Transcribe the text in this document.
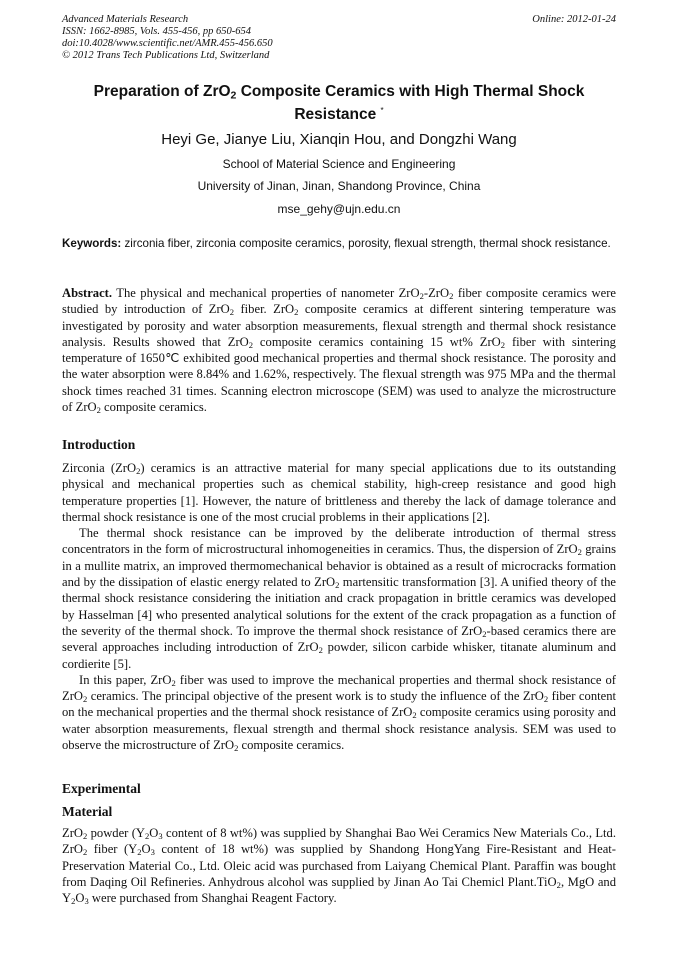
Advanced Materials Research
ISSN: 1662-8985, Vols. 455-456, pp 650-654
doi:10.4028/www.scientific.net/AMR.455-456.650
© 2012 Trans Tech Publications Ltd, Switzerland
Online: 2012-01-24
Preparation of ZrO$_2$ Composite Ceramics with High Thermal Shock Resistance *
Heyi Ge, Jianye Liu, Xianqin Hou, and Dongzhi Wang
School of Material Science and Engineering
University of Jinan, Jinan, Shandong Province, China
mse_gehy@ujn.edu.cn
Keywords: zirconia fiber, zirconia composite ceramics, porosity, flexual strength, thermal shock resistance.

Abstract. The physical and mechanical properties of nanometer ZrO$_2$-ZrO$_2$ fiber composite ceramics were studied by introduction of ZrO$_2$ fiber. ZrO$_2$ composite ceramics at different sintering temperature was investigated by porosity and water absorption measurements, flexual strength and thermal shock resistance analysis. Results showed that ZrO$_2$ composite ceramics containing 15 wt% ZrO$_2$ fiber with sintering temperature of 1650℃ exhibited good mechanical properties and thermal shock resistance. The porosity and the water absorption were 8.84% and 1.62%, respectively. The flexual strength was 975 MPa and the thermal shock times reached 31 times. Scanning electron microscope (SEM) was used to analyze the microstructure of ZrO$_2$ composite ceramics.

Introduction

Zirconia (ZrO$_2$) ceramics is an attractive material for many special applications due to its outstanding physical and mechanical properties such as chemical stability, high-creep resistance and good high temperature properties [1]. However, the nature of brittleness and thereby the lack of damage tolerance and thermal shock resistance is one of the most crucial problems in their applications [2].

The thermal shock resistance can be improved by the deliberate introduction of thermal stress concentrators in the form of microstructural inhomogeneities in ceramics. Thus, the dispersion of ZrO$_2$ grains in a mullite matrix, an improved thermomechanical behavior is obtained as a result of microcracks formation and by the dissipation of elastic energy related to ZrO$_2$ martensitic transformation [3]. A unified theory of the thermal shock resistance considering the initiation and crack propagation in brittle ceramics was developed by Hasselman [4] who presented analytical solutions for the extent of the crack propagation as a function of the severity of the thermal shock. To improve the thermal shock resistance of ZrO$_2$-based ceramics there are several approaches including introduction of ZrO$_2$ powder, silicon carbide whisker, titanate aluminum and cordierite [5].

In this paper, ZrO$_2$ fiber was used to improve the mechanical properties and thermal shock resistance of ZrO$_2$ ceramics. The principal objective of the present work is to study the influence of the ZrO$_2$ fiber content on the mechanical properties and the thermal shock resistance of ZrO$_2$ composite ceramics using porosity and water absorption measurements, flexual strength and thermal shock resistance analysis. SEM was used to observe the microstructure of ZrO$_2$ composite ceramics.

Experimental
Material

ZrO$_2$ powder ($Y_2O_3$ content of 8 wt%) was supplied by Shanghai Bao Wei Ceramics New Materials Co., Ltd. ZrO$_2$ fiber ($Y_2O_3$ content of 18 wt%) was supplied by Shandong HongYang Fire-Resistant and Heat-Preservation Material Co., Ltd. Oleic acid was purchased from Laiyang Chemical Plant. Paraffin was bought from Daqing Oil Refineries. Anhydrous alcohol was supplied by Jinan Ao Tai Chemicl Plant.TiO$_2$, MgO and $Y_2O_3$ were purchased from Shanghai Reagent Factory.
